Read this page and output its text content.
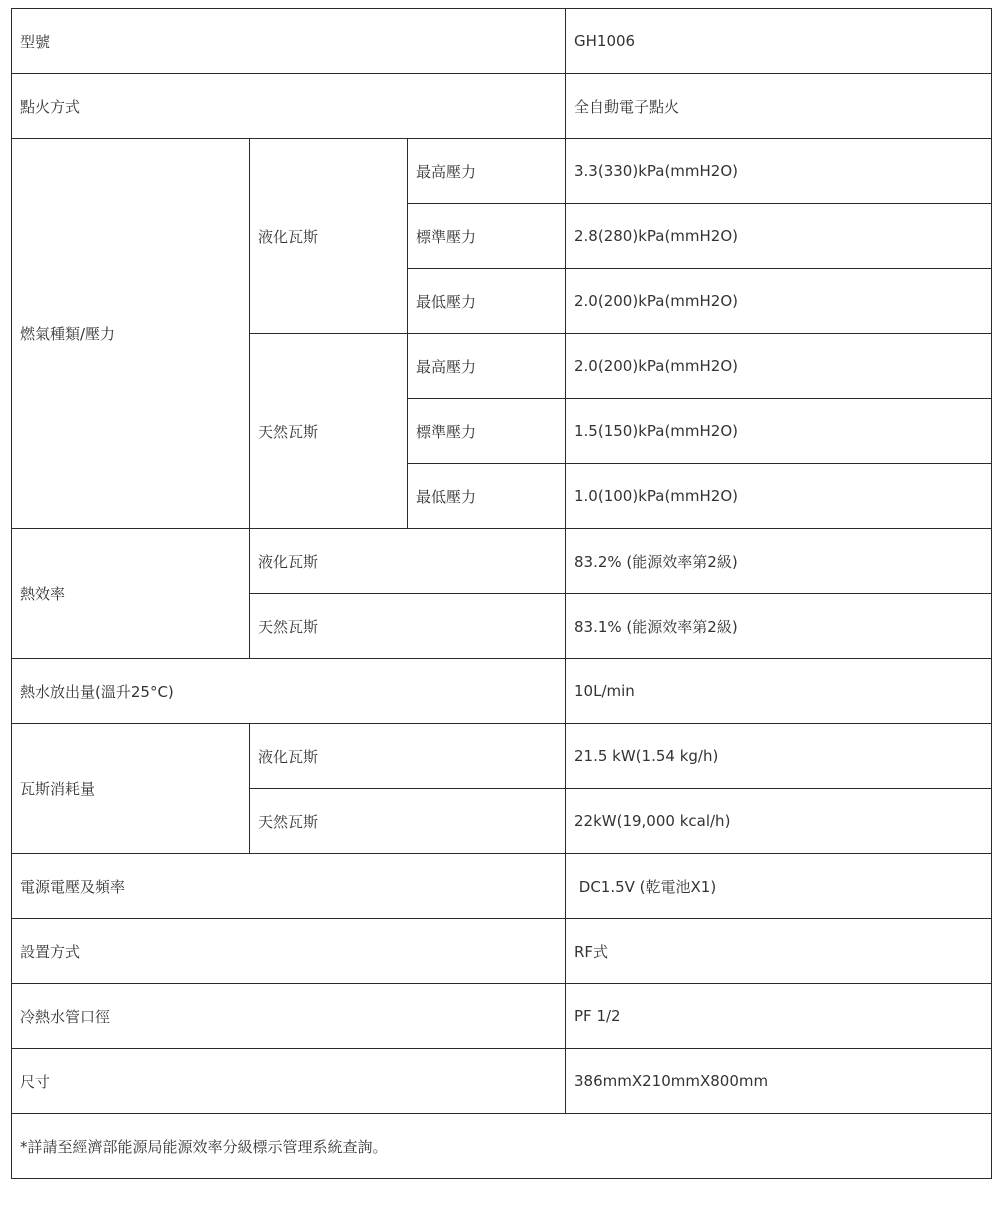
型號			GH1006
點火方式			全自動電子點火
燃氣種類/壓力	液化瓦斯	最高壓力	3.3(330)kPa(mmH2O)
		標準壓力	2.8(280)kPa(mmH2O)
		最低壓力	2.0(200)kPa(mmH2O)
	天然瓦斯	最高壓力	2.0(200)kPa(mmH2O)
		標準壓力	1.5(150)kPa(mmH2O)
		最低壓力	1.0(100)kPa(mmH2O)
熱效率	液化瓦斯		83.2% (能源效率第2級)
	天然瓦斯		83.1% (能源效率第2級)
熱水放出量(溫升25°C)			10L/min
瓦斯消耗量	液化瓦斯		21.5 kW(1.54 kg/h)
	天然瓦斯		22kW(19,000 kcal/h)
電源電壓及頻率			DC1.5V (乾電池X1)
設置方式			RF式
冷熱水管口徑			PF 1/2
尺寸			386mmX210mmX800mm
*詳請至經濟部能源局能源效率分級標示管理系統查詢。			
